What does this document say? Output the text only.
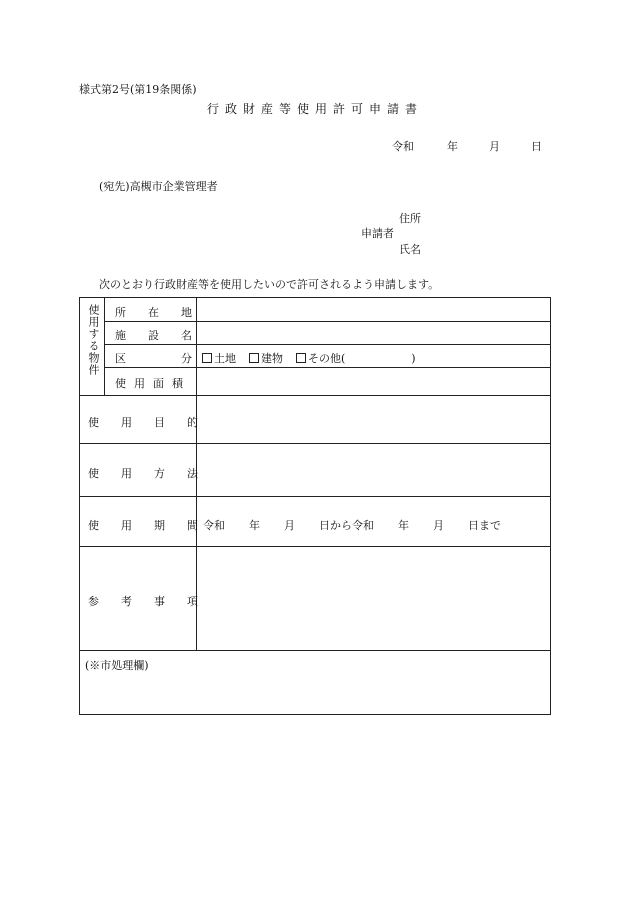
様式第2号(第19条関係)
行政財産等使用許可申請書
令和	年	月	日
(宛先)高槻市企業管理者
住所
申請者
氏名
次のとおり行政財産等を使用したいので許可されるよう申請します。
使用する物件 所 在 地
施 設 名
区	分	土地 建物 その他(	)
使 用 面 積
使 用 目 的
使 用 方 法
使 用 期 間 令和 年 月 日から令和 年 月 日まで
参 考 事 項
(※市処理欄)
